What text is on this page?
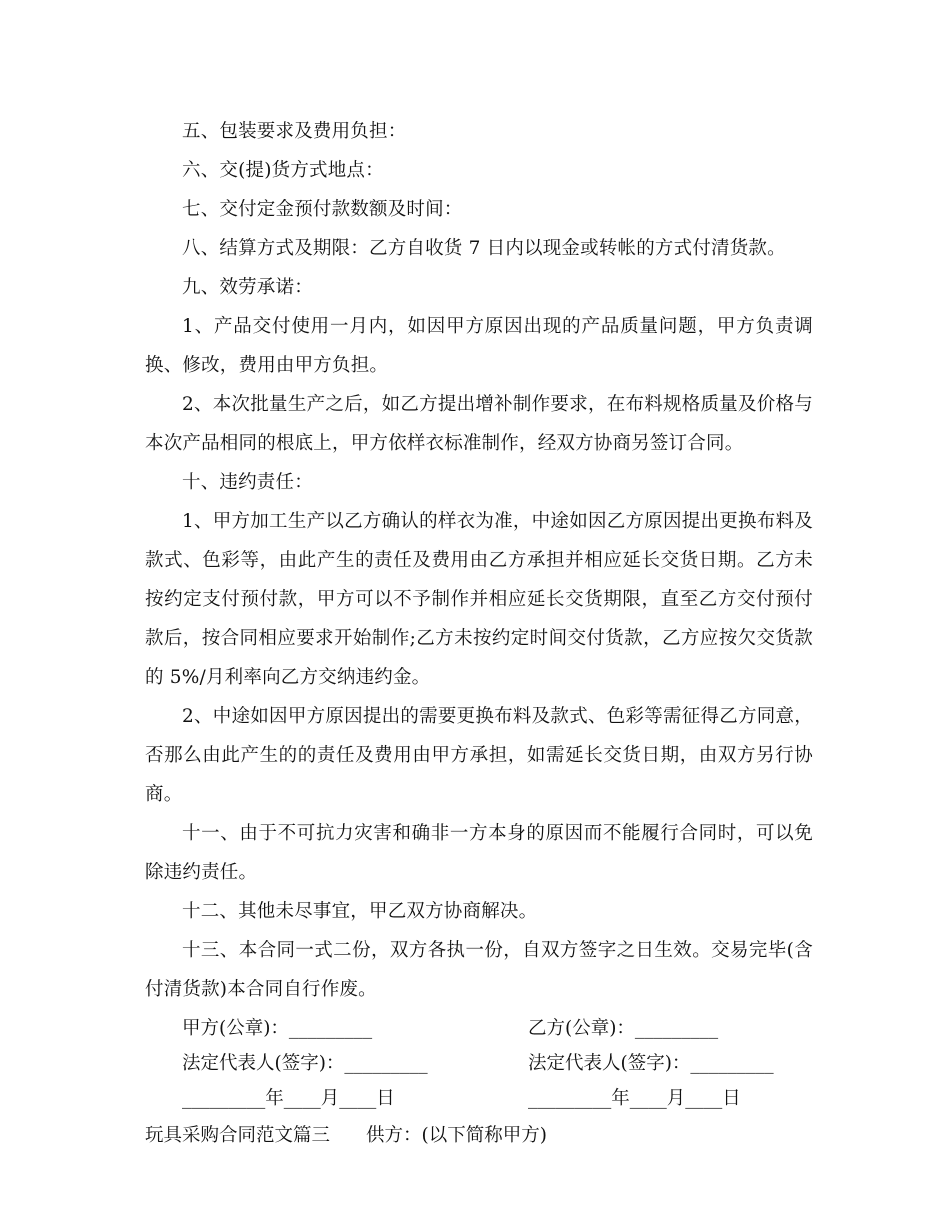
五、包装要求及费用负担：

六、交(提)货方式地点：

七、交付定金预付款数额及时间：

八、结算方式及期限：乙方自收货 7 日内以现金或转帐的方式付清货款。

九、效劳承诺：

1、产品交付使用一月内，如因甲方原因出现的产品质量问题，甲方负责调换、修改，费用由甲方负担。

2、本次批量生产之后，如乙方提出增补制作要求，在布料规格质量及价格与本次产品相同的根底上，甲方依样衣标准制作，经双方协商另签订合同。

十、违约责任：

1、甲方加工生产以乙方确认的样衣为准，中途如因乙方原因提出更换布料及款式、色彩等，由此产生的责任及费用由乙方承担并相应延长交货日期。乙方未按约定支付预付款，甲方可以不予制作并相应延长交货期限，直至乙方交付预付款后，按合同相应要求开始制作;乙方未按约定时间交付货款，乙方应按欠交货款的 5%/月利率向乙方交纳违约金。

2、中途如因甲方原因提出的需要更换布料及款式、色彩等需征得乙方同意，否那么由此产生的的责任及费用由甲方承担，如需延长交货日期，由双方另行协商。

十一、由于不可抗力灾害和确非一方本身的原因而不能履行合同时，可以免除违约责任。

十二、其他未尽事宜，甲乙双方协商解决。

十三、本合同一式二份，双方各执一份，自双方签字之日生效。交易完毕(含付清货款)本合同自行作废。

甲方(公章)：_________	乙方(公章)：_________
法定代表人(签字)：_________	法定代表人(签字)：_________
_________年____月____日	_________年____月____日
玩具采购合同范文篇三 供方：(以下简称甲方)
